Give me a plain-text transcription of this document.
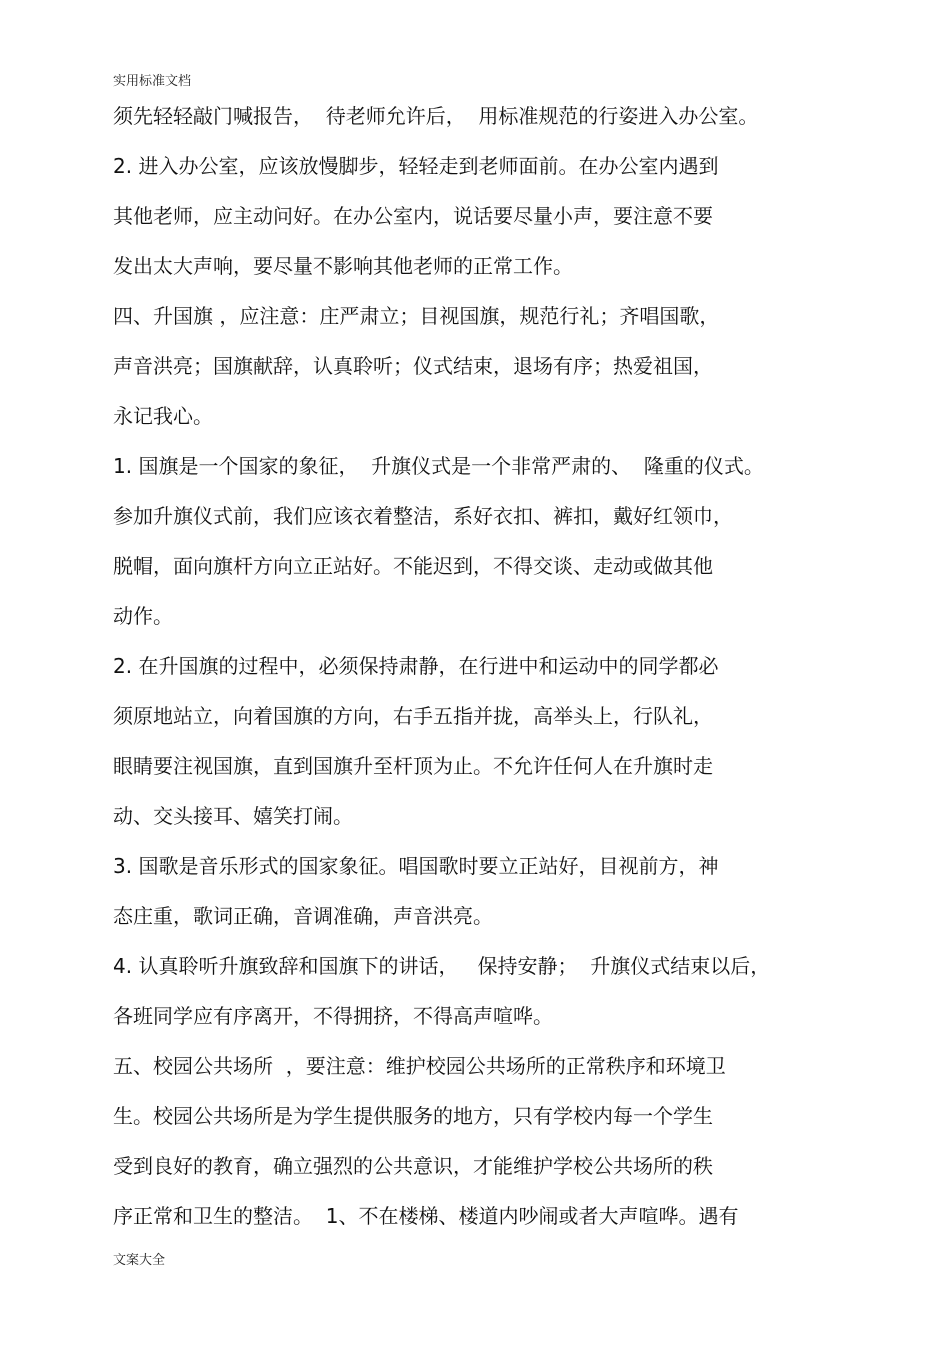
实用标准文档
须先轻轻敲门喊报告，  待老师允许后，  用标准规范的行姿进入办公室。
2. 进入办公室，应该放慢脚步，轻轻走到老师面前。在办公室内遇到
其他老师，应主动问好。在办公室内，说话要尽量小声，要注意不要
发出太大声响，要尽量不影响其他老师的正常工作。
四、升国旗 ，应注意：庄严肃立；目视国旗，规范行礼；齐唱国歌，
声音洪亮；国旗献辞，认真聆听；仪式结束，退场有序；热爱祖国，
永记我心。
1. 国旗是一个国家的象征，  升旗仪式是一个非常严肃的、  隆重的仪式。
参加升旗仪式前，我们应该衣着整洁，系好衣扣、裤扣，戴好红领巾，
脱帽，面向旗杆方向立正站好。不能迟到，不得交谈、走动或做其他
动作。
2. 在升国旗的过程中，必须保持肃静，在行进中和运动中的同学都必
须原地站立，向着国旗的方向，右手五指并拢，高举头上，行队礼，
眼睛要注视国旗，直到国旗升至杆顶为止。不允许任何人在升旗时走
动、交头接耳、嬉笑打闹。
3. 国歌是音乐形式的国家象征。唱国歌时要立正站好，目视前方，神
态庄重，歌词正确，音调准确，声音洪亮。
4. 认真聆听升旗致辞和国旗下的讲话，   保持安静；  升旗仪式结束以后，
各班同学应有序离开，不得拥挤，不得高声喧哗。
五、校园公共场所  ，要注意：维护校园公共场所的正常秩序和环境卫
生。校园公共场所是为学生提供服务的地方，只有学校内每一个学生
受到良好的教育，确立强烈的公共意识，才能维护学校公共场所的秩
序正常和卫生的整洁。  1、不在楼梯、楼道内吵闹或者大声喧哗。遇有
文案大全
